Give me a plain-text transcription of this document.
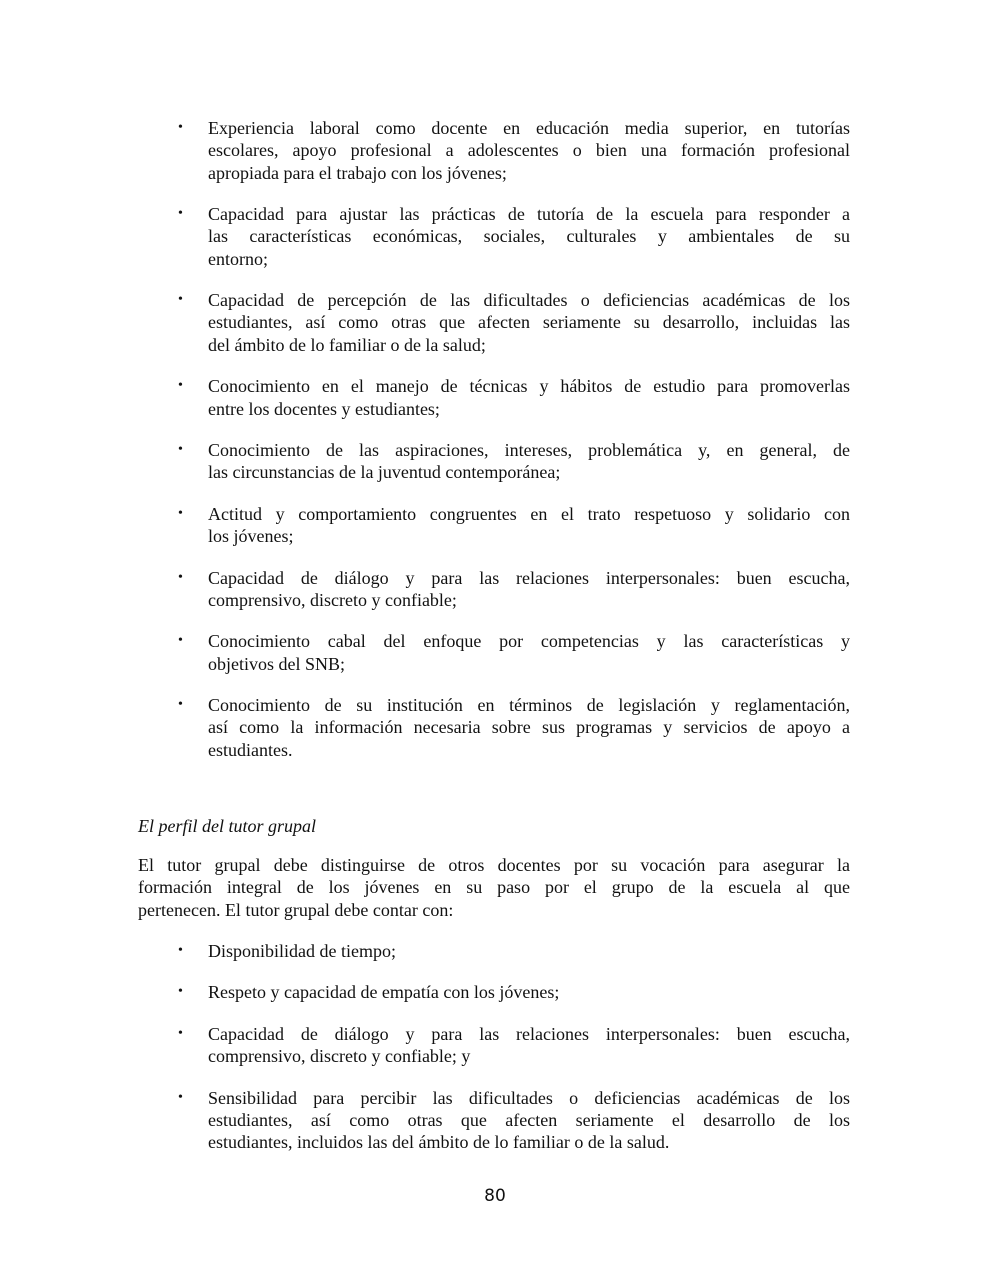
• Experiencia laboral como docente en educación media superior, en tutorías
escolares, apoyo profesional a adolescentes o bien una formación profesional
apropiada para el trabajo con los jóvenes;
• Capacidad para ajustar las prácticas de tutoría de la escuela para responder a
las características económicas, sociales, culturales y ambientales de su
entorno;
• Capacidad de percepción de las dificultades o deficiencias académicas de los
estudiantes, así como otras que afecten seriamente su desarrollo, incluidas las
del ámbito de lo familiar o de la salud;
• Conocimiento en el manejo de técnicas y hábitos de estudio para promoverlas
entre los docentes y estudiantes;
• Conocimiento de las aspiraciones, intereses, problemática y, en general, de
las circunstancias de la juventud contemporánea;
• Actitud y comportamiento congruentes en el trato respetuoso y solidario con
los jóvenes;
• Capacidad de diálogo y para las relaciones interpersonales: buen escucha,
comprensivo, discreto y confiable;
• Conocimiento cabal del enfoque por competencias y las características y
objetivos del SNB;
• Conocimiento de su institución en términos de legislación y reglamentación,
así como la información necesaria sobre sus programas y servicios de apoyo a
estudiantes.
El perfil del tutor grupal
El tutor grupal debe distinguirse de otros docentes por su vocación para asegurar la
formación integral de los jóvenes en su paso por el grupo de la escuela al que
pertenecen. El tutor grupal debe contar con:
• Disponibilidad de tiempo;
• Respeto y capacidad de empatía con los jóvenes;
• Capacidad de diálogo y para las relaciones interpersonales: buen escucha,
comprensivo, discreto y confiable; y
• Sensibilidad para percibir las dificultades o deficiencias académicas de los
estudiantes, así como otras que afecten seriamente el desarrollo de los
estudiantes, incluidos las del ámbito de lo familiar o de la salud.
80
